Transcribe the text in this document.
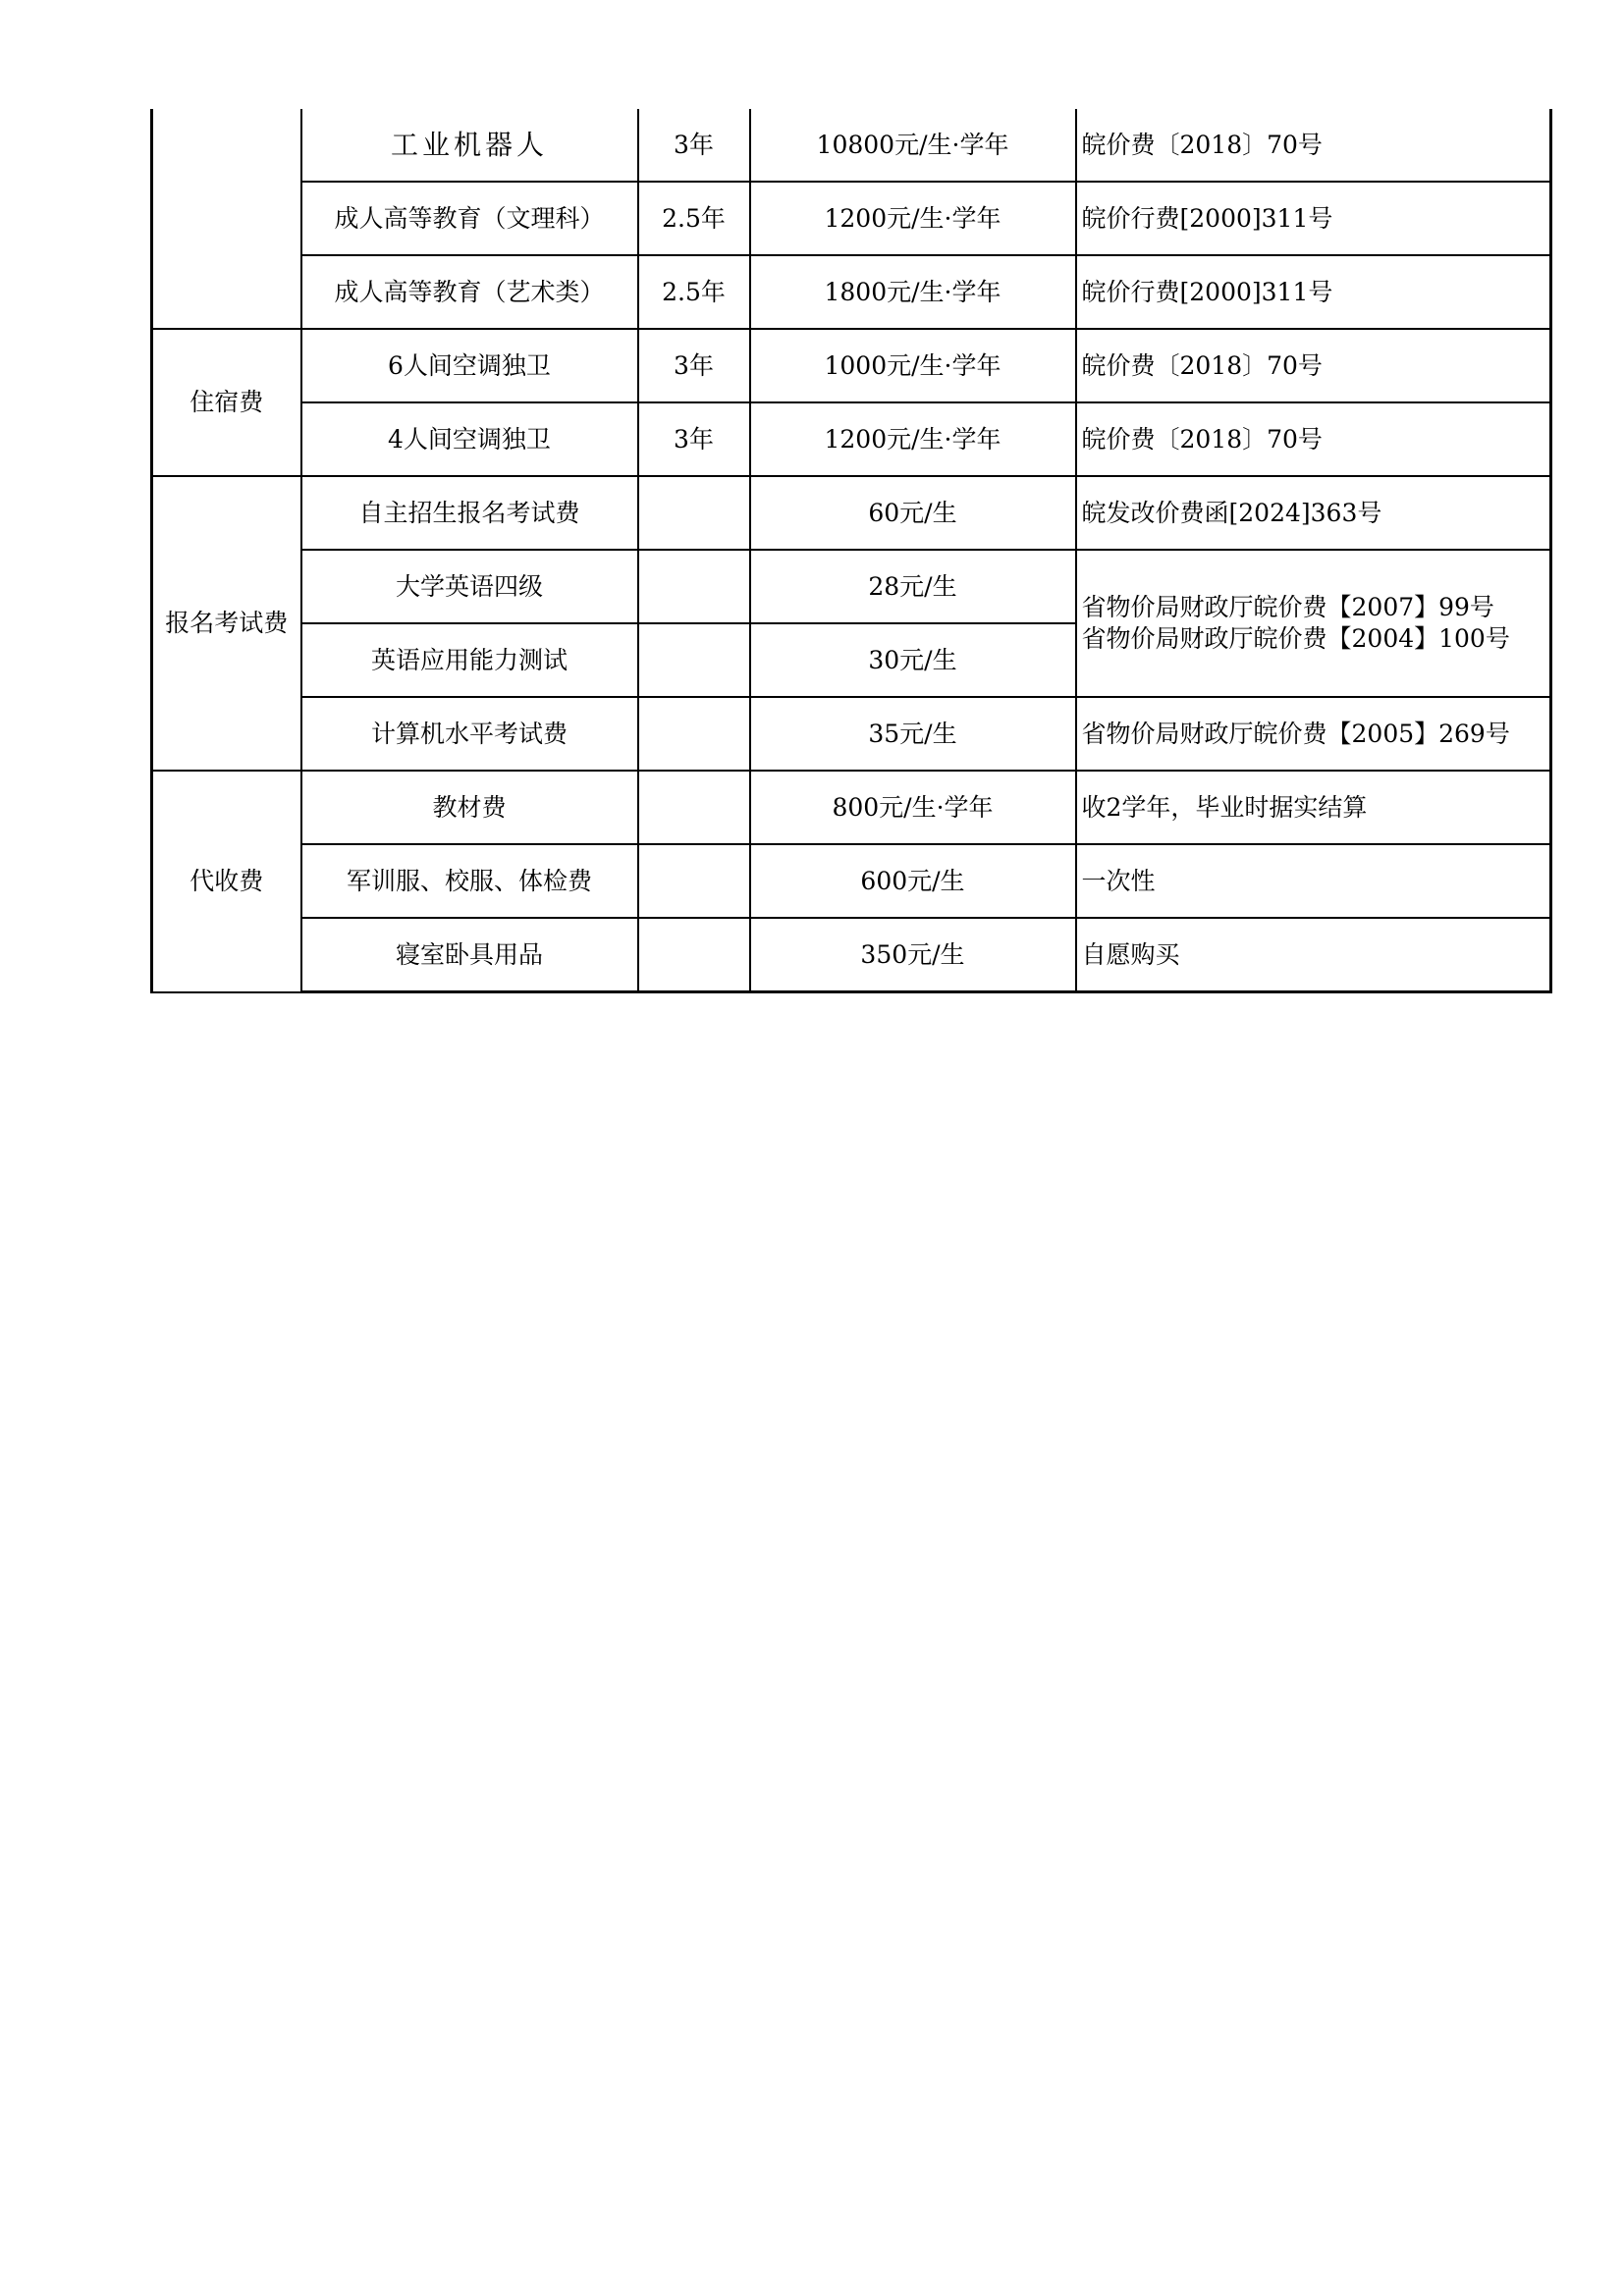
	工业机器人	3年	10800元/生·学年	皖价费〔2018〕70号
	成人高等教育（文理科）	2.5年	1200元/生·学年	皖价行费[2000]311号
	成人高等教育（艺术类）	2.5年	1800元/生·学年	皖价行费[2000]311号
住宿费	6人间空调独卫	3年	1000元/生·学年	皖价费〔2018〕70号
	4人间空调独卫	3年	1200元/生·学年	皖价费〔2018〕70号
报名考试费	自主招生报名考试费		60元/生	皖发改价费函[2024]363号
	大学英语四级		28元/生	省物价局财政厅皖价费【2007】99号
省物价局财政厅皖价费【2004】100号

	英语应用能力测试		30元/生	
	计算机水平考试费		35元/生	省物价局财政厅皖价费【2005】269号
代收费	教材费		800元/生·学年	收2学年，毕业时据实结算
	军训服、校服、体检费		600元/生	一次性
	寝室卧具用品		350元/生	自愿购买
